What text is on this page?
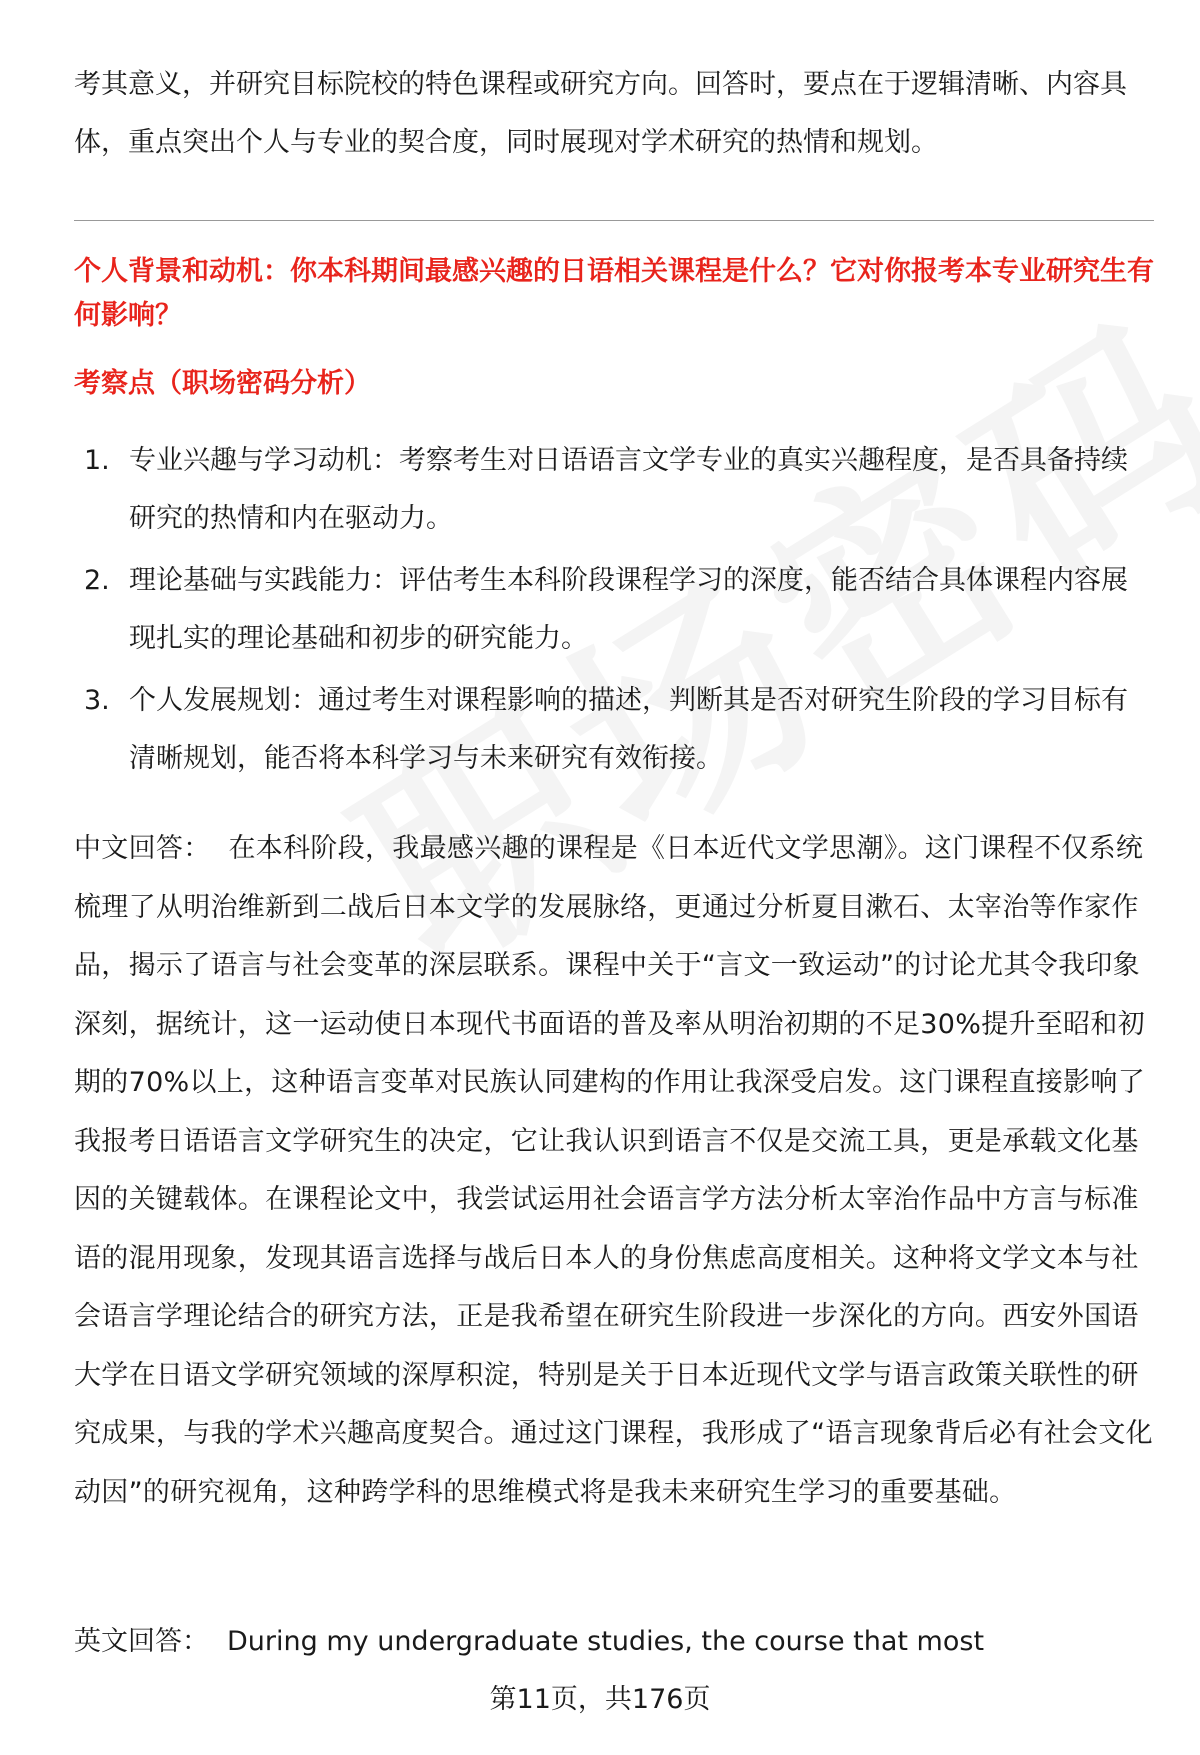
考其意义，并研究目标院校的特色课程或研究方向。回答时，要点在于逻辑清晰、内容具体，重点突出个人与专业的契合度，同时展现对学术研究的热情和规划。
个人背景和动机：你本科期间最感兴趣的日语相关课程是什么？它对你报考本专业研究生有何影响？
考察点（职场密码分析）
1. 专业兴趣与学习动机：考察考生对日语语言文学专业的真实兴趣程度，是否具备持续研究的热情和内在驱动力。
2. 理论基础与实践能力：评估考生本科阶段课程学习的深度，能否结合具体课程内容展现扎实的理论基础和初步的研究能力。
3. 个人发展规划：通过考生对课程影响的描述，判断其是否对研究生阶段的学习目标有清晰规划，能否将本科学习与未来研究有效衔接。
中文回答： 在本科阶段，我最感兴趣的课程是《日本近代文学思潮》。这门课程不仅系统梳理了从明治维新到二战后日本文学的发展脉络，更通过分析夏目漱石、太宰治等作家作品，揭示了语言与社会变革的深层联系。课程中关于“言文一致运动”的讨论尤其令我印象深刻，据统计，这一运动使日本现代书面语的普及率从明治初期的不足30%提升至昭和初期的70%以上，这种语言变革对民族认同建构的作用让我深受启发。这门课程直接影响了我报考日语语言文学研究生的决定，它让我认识到语言不仅是交流工具，更是承载文化基因的关键载体。在课程论文中，我尝试运用社会语言学方法分析太宰治作品中方言与标准语的混用现象，发现其语言选择与战后日本人的身份焦虑高度相关。这种将文学文本与社会语言学理论结合的研究方法，正是我希望在研究生阶段进一步深化的方向。西安外国语大学在日语文学研究领域的深厚积淀，特别是关于日本近现代文学与语言政策关联性的研究成果，与我的学术兴趣高度契合。通过这门课程，我形成了“语言现象背后必有社会文化动因”的研究视角，这种跨学科的思维模式将是我未来研究生学习的重要基础。
英文回答： During my undergraduate studies, the course that most
第11页，共176页
